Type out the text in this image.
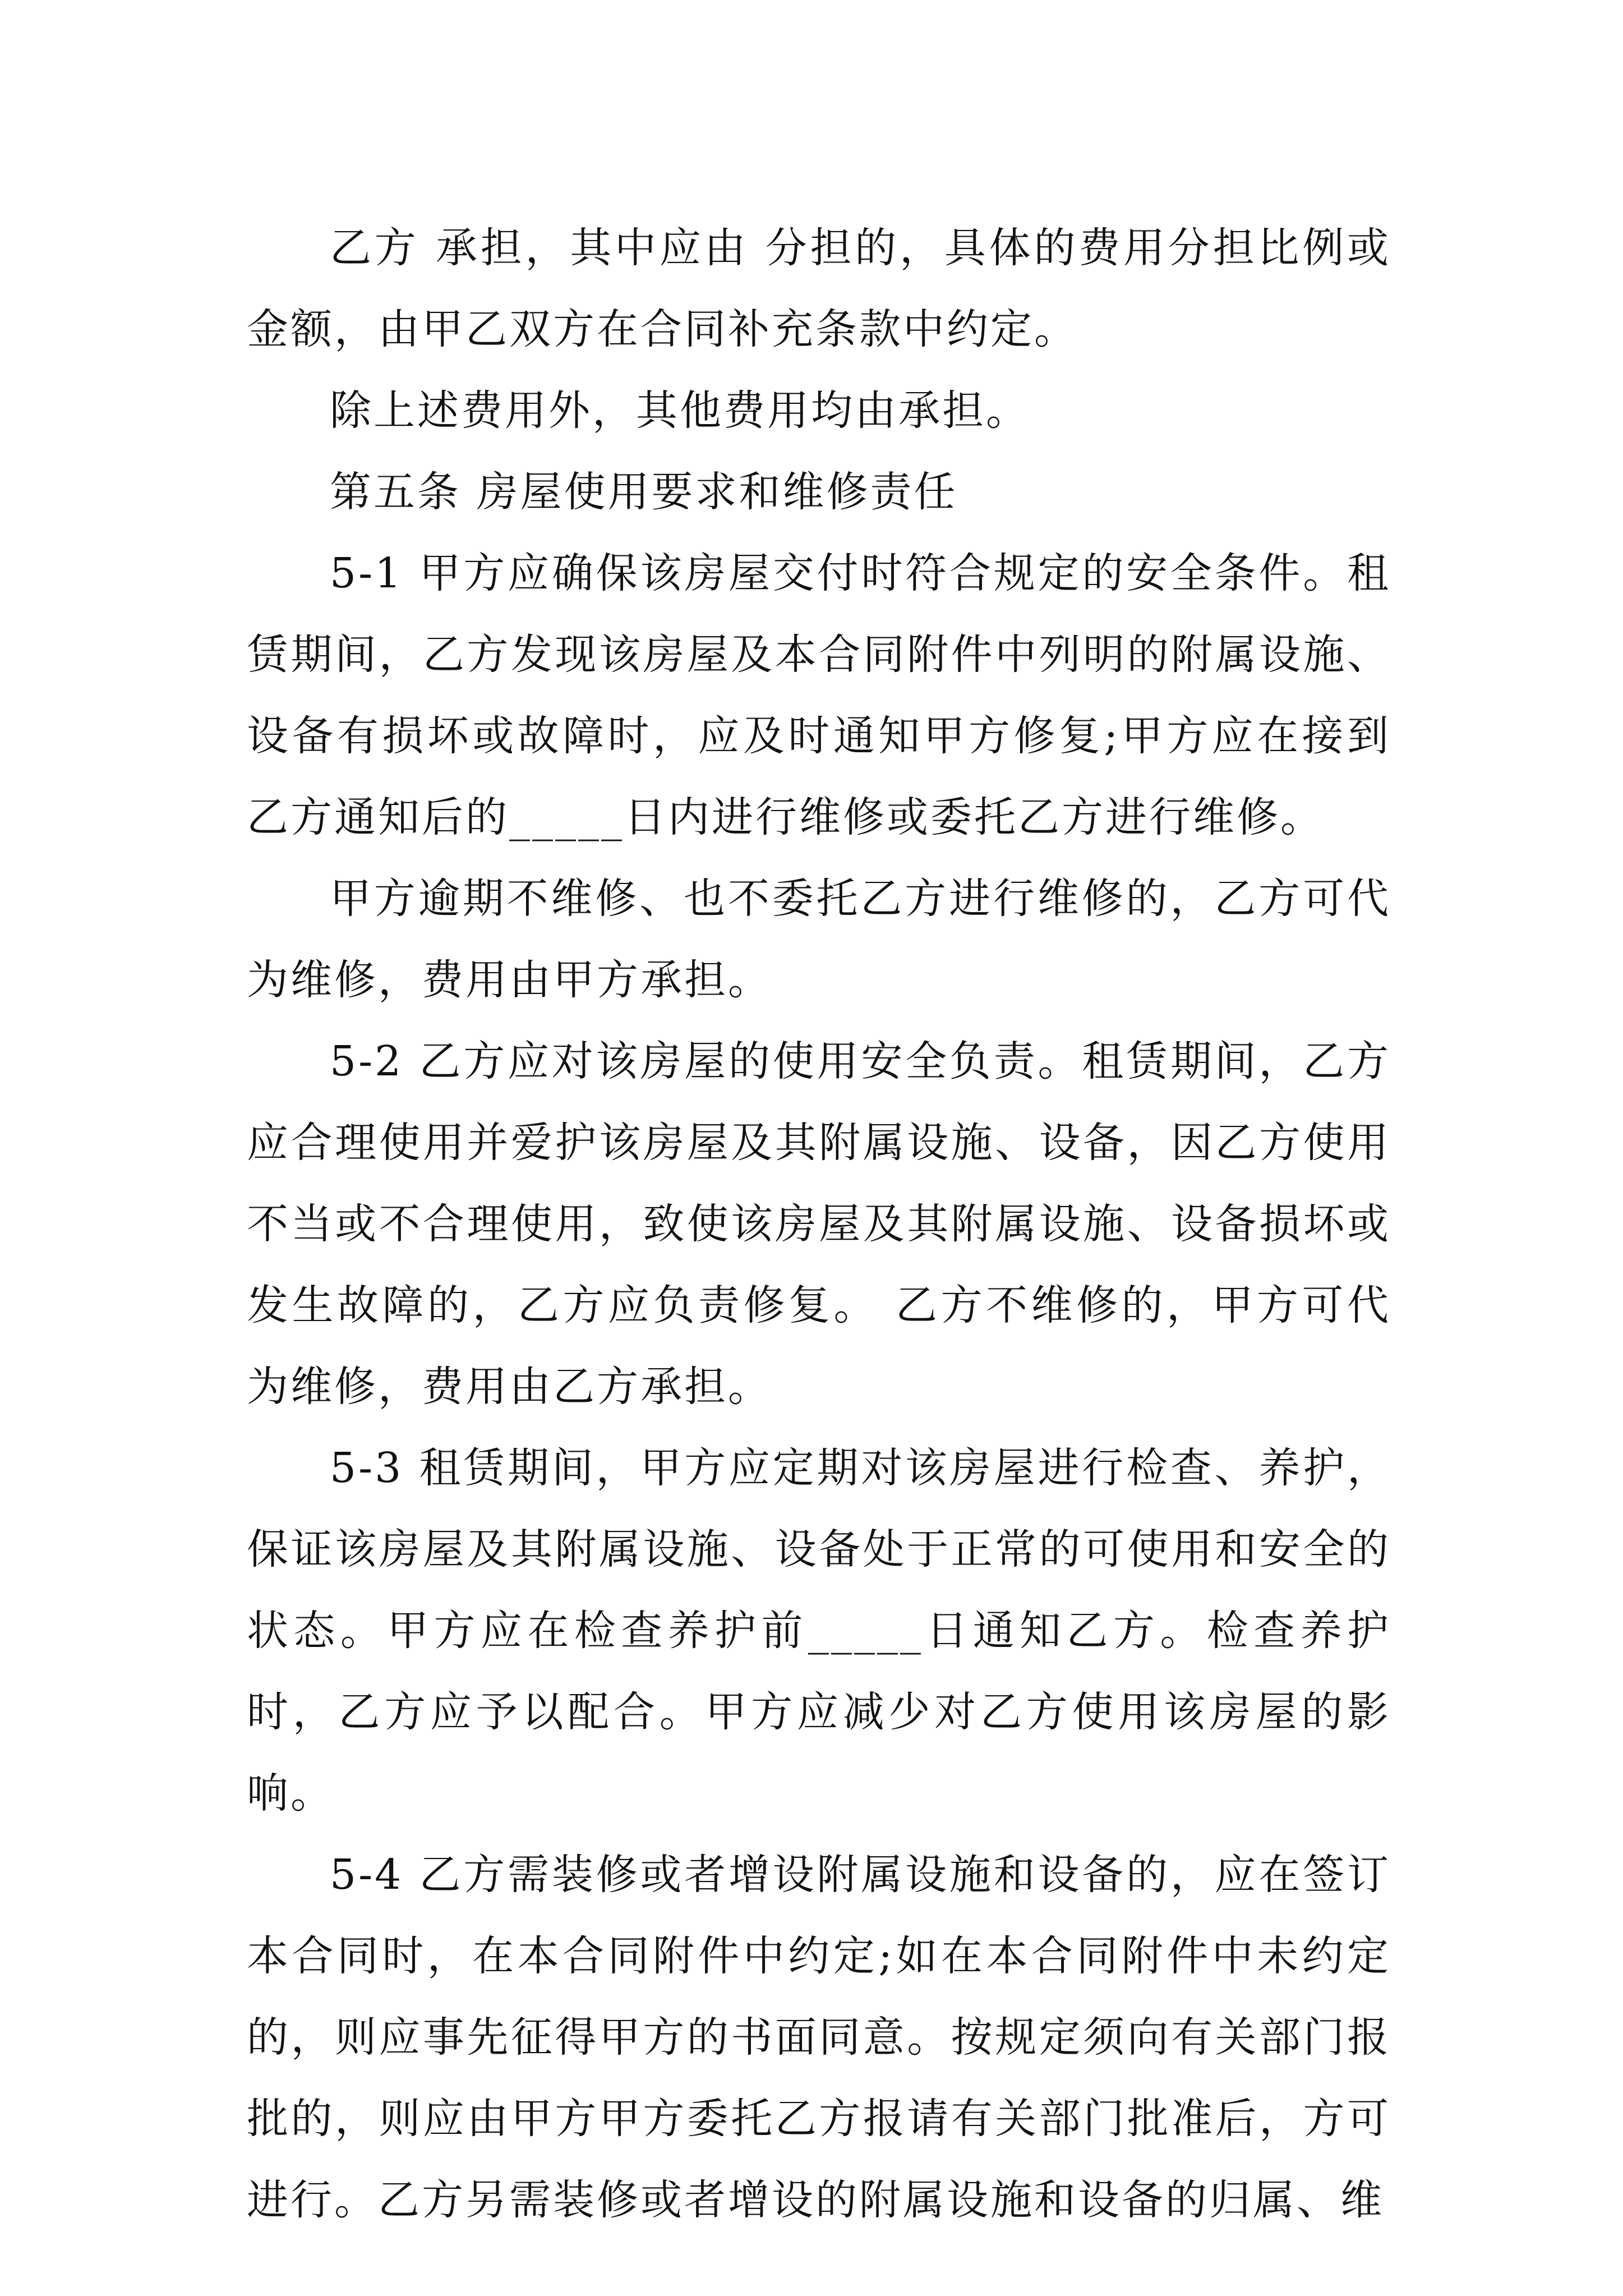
乙方 承担，其中应由 分担的，具体的费用分担比例或金额，由甲乙双方在合同补充条款中约定。

除上述费用外，其他费用均由承担。

第五条 房屋使用要求和维修责任

5-1 甲方应确保该房屋交付时符合规定的安全条件。租赁期间，乙方发现该房屋及本合同附件中列明的附属设施、设备有损坏或故障时，应及时通知甲方修复;甲方应在接到乙方通知后的_____日内进行维修或委托乙方进行维修。

甲方逾期不维修、也不委托乙方进行维修的，乙方可代为维修，费用由甲方承担。

5-2 乙方应对该房屋的使用安全负责。租赁期间，乙方应合理使用并爱护该房屋及其附属设施、设备，因乙方使用不当或不合理使用，致使该房屋及其附属设施、设备损坏或发生故障的，乙方应负责修复。 乙方不维修的，甲方可代为维修，费用由乙方承担。

5-3 租赁期间，甲方应定期对该房屋进行检查、养护，保证该房屋及其附属设施、设备处于正常的可使用和安全的状态。甲方应在检查养护前_____日通知乙方。检查养护时，乙方应予以配合。甲方应减少对乙方使用该房屋的影响。

5-4 乙方需装修或者增设附属设施和设备的，应在签订本合同时，在本合同附件中约定;如在本合同附件中未约定的，则应事先征得甲方的书面同意。按规定须向有关部门报批的，则应由甲方甲方委托乙方报请有关部门批准后，方可进行。乙方另需装修或者增设的附属设施和设备的归属、维
